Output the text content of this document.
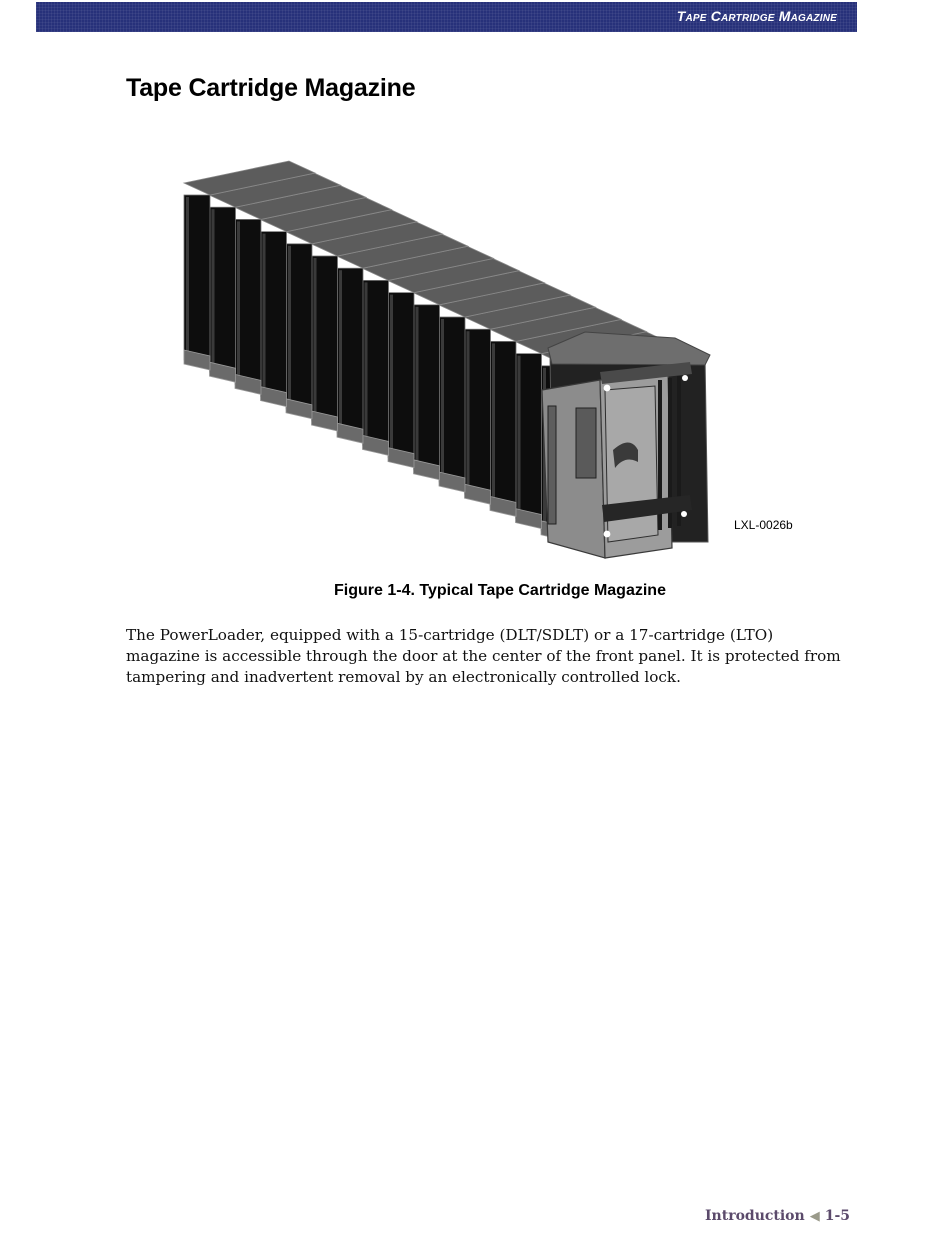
Tape Cartridge Magazine
Tape Cartridge Magazine
LXL-0026b
Figure 1-4. Typical Tape Cartridge Magazine

The PowerLoader, equipped with a 15-cartridge (DLT/SDLT) or a 17-cartridge (LTO) magazine is accessible through the door at the center of the front panel. It is protected from tampering and inadvertent removal by an electronically controlled lock.

Introduction ◀ 1-5
